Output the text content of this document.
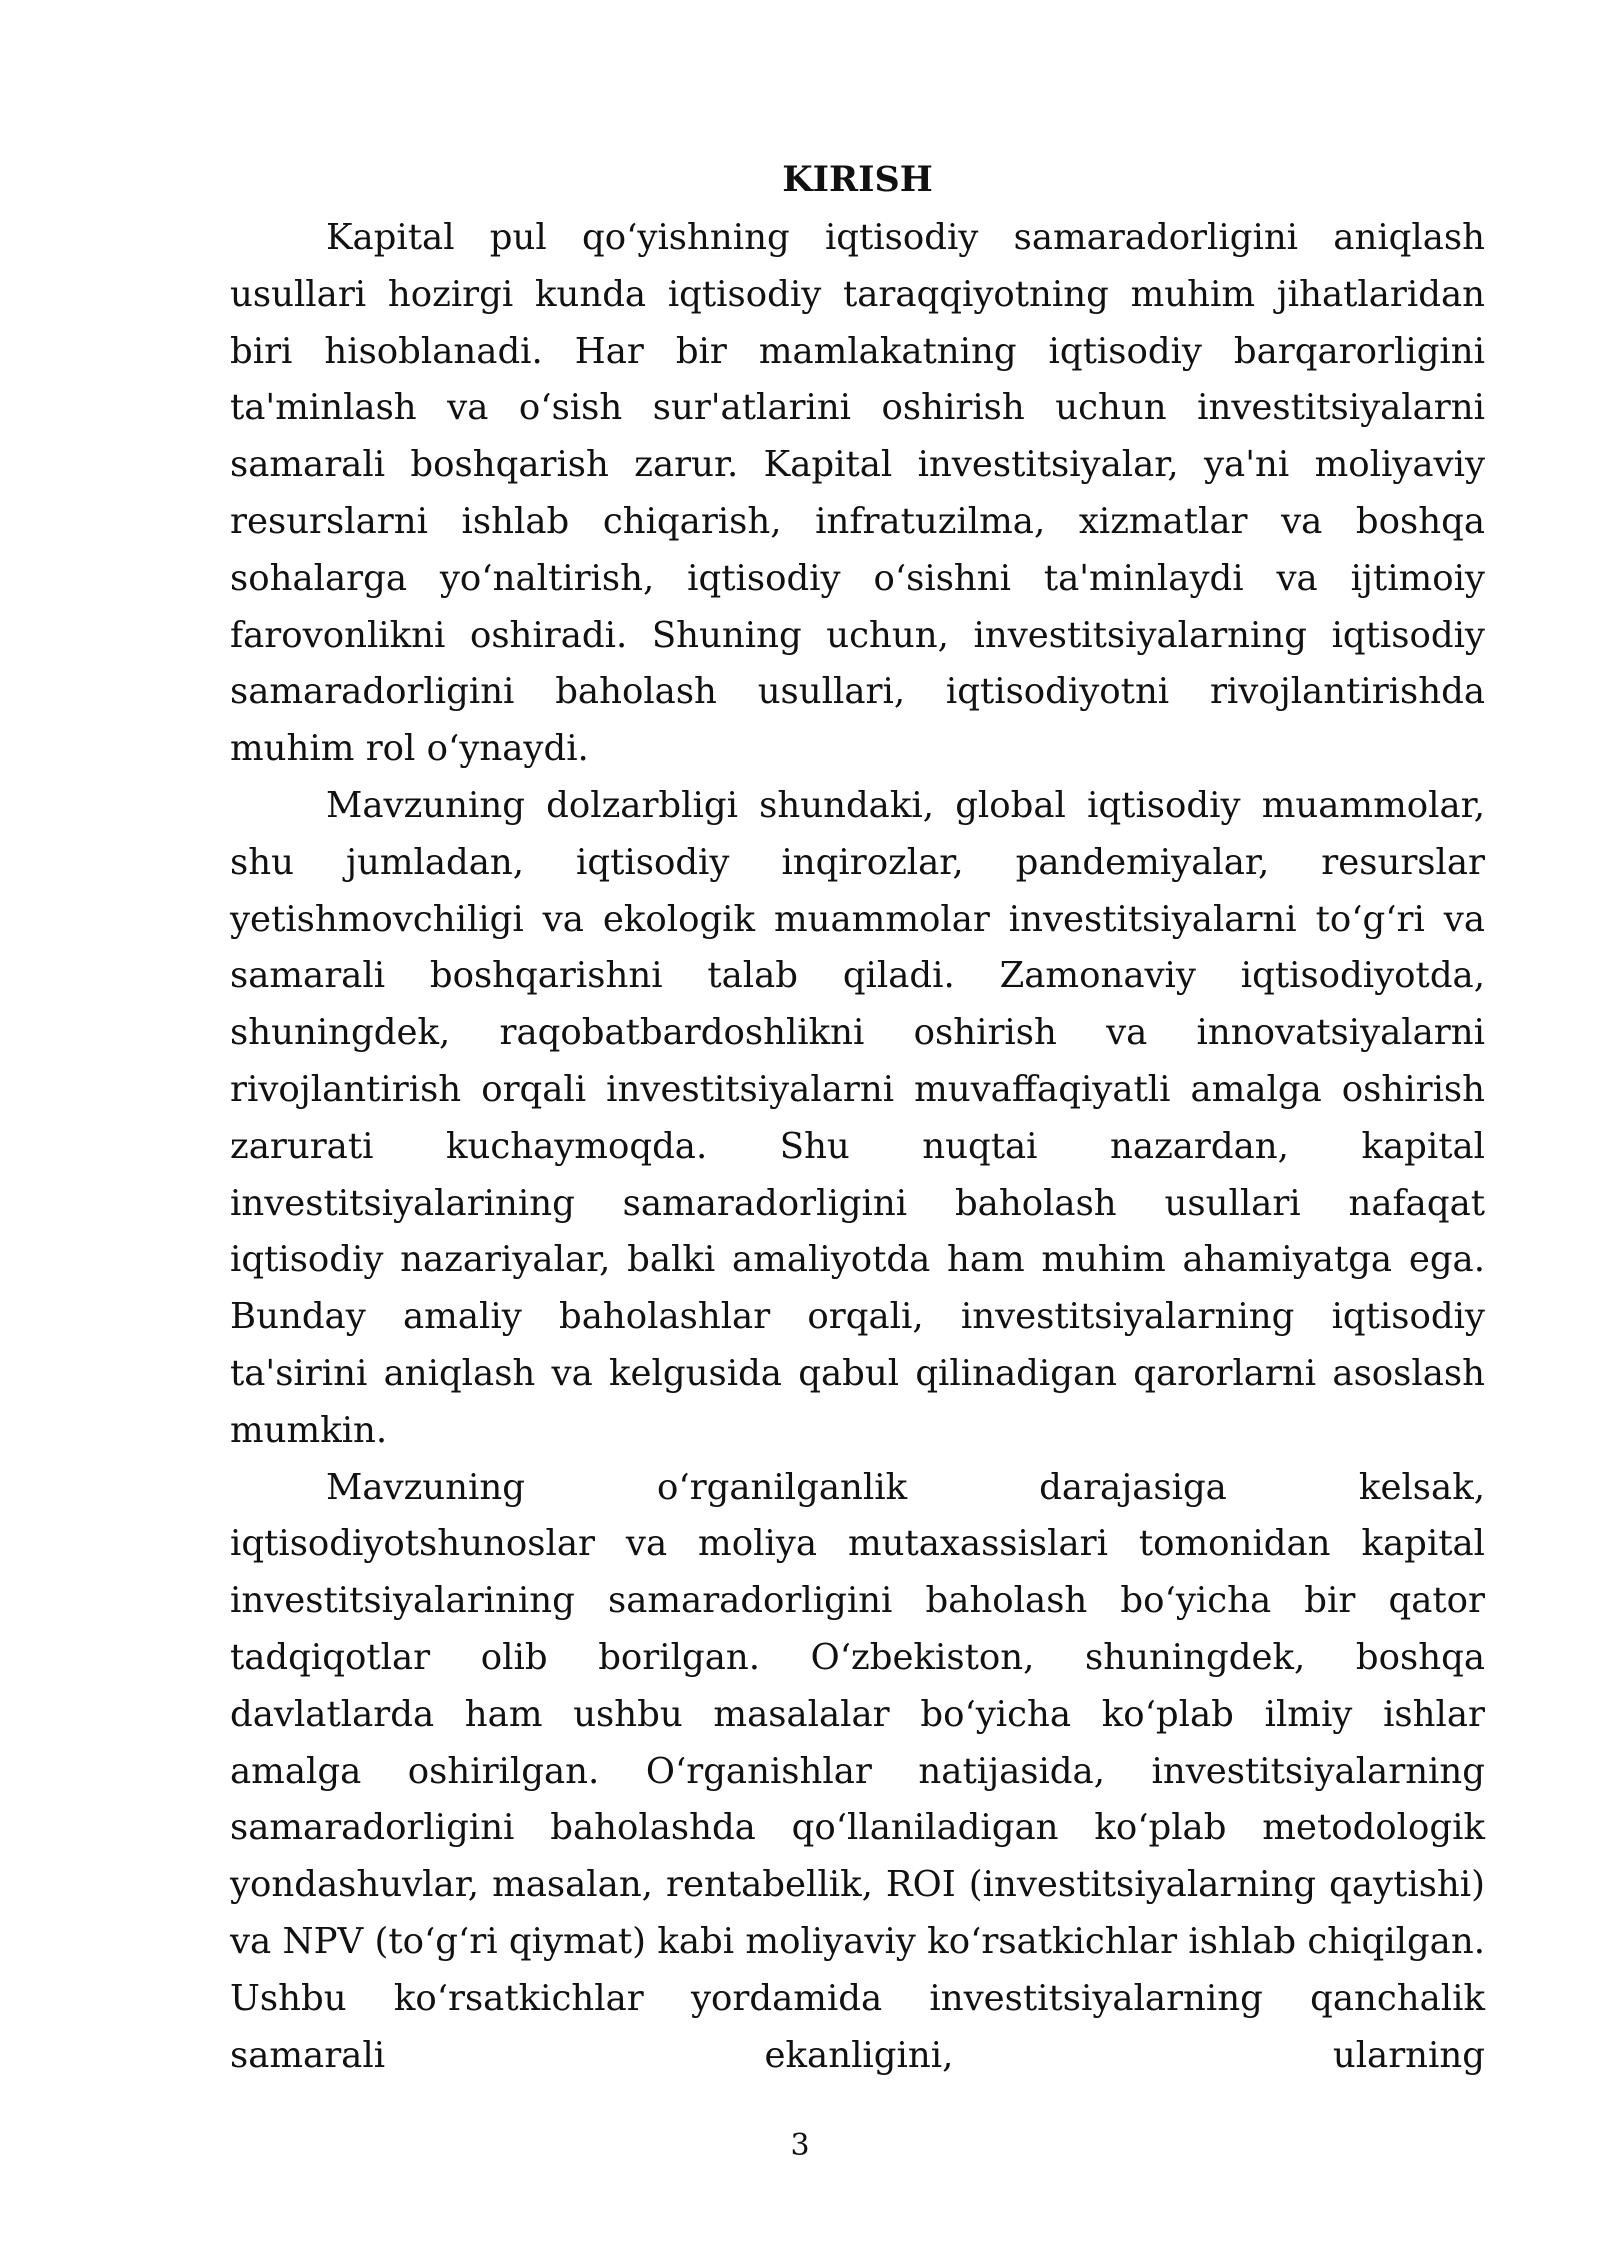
KIRISH

Kapital pul qoʻyishning iqtisodiy samaradorligini aniqlash usullari hozirgi kunda iqtisodiy taraqqiyotning muhim jihatlaridan biri hisoblanadi. Har bir mamlakatning iqtisodiy barqarorligini ta'minlash va oʻsish sur'atlarini oshirish uchun investitsiyalarni samarali boshqarish zarur. Kapital investitsiyalar, ya'ni moliyaviy resurslarni ishlab chiqarish, infratuzilma, xizmatlar va boshqa sohalarga yoʻnaltirish, iqtisodiy oʻsishni ta'minlaydi va ijtimoiy farovonlikni oshiradi. Shuning uchun, investitsiyalarning iqtisodiy samaradorligini baholash usullari, iqtisodiyotni rivojlantirishda muhim rol oʻynaydi.

Mavzuning dolzarbligi shundaki, global iqtisodiy muammolar, shu jumladan, iqtisodiy inqirozlar, pandemiyalar, resurslar yetishmovchiligi va ekologik muammolar investitsiyalarni toʻgʻri va samarali boshqarishni talab qiladi. Zamonaviy iqtisodiyotda, shuningdek, raqobatbardoshlikni oshirish va innovatsiyalarni rivojlantirish orqali investitsiyalarni muvaffaqiyatli amalga oshirish zarurati kuchaymoqda. Shu nuqtai nazardan, kapital investitsiyalarining samaradorligini baholash usullari nafaqat iqtisodiy nazariyalar, balki amaliyotda ham muhim ahamiyatga ega. Bunday amaliy baholashlar orqali, investitsiyalarning iqtisodiy ta'sirini aniqlash va kelgusida qabul qilinadigan qarorlarni asoslash mumkin.

Mavzuning oʻrganilganlik darajasiga kelsak, iqtisodiyotshunoslar va moliya mutaxassislari tomonidan kapital investitsiyalarining samaradorligini baholash boʻyicha bir qator tadqiqotlar olib borilgan. Oʻzbekiston, shuningdek, boshqa davlatlarda ham ushbu masalalar boʻyicha koʻplab ilmiy ishlar amalga oshirilgan. Oʻrganishlar natijasida, investitsiyalarning samaradorligini baholashda qoʻllaniladigan koʻplab metodologik yondashuvlar, masalan, rentabellik, ROI (investitsiyalarning qaytishi) va NPV (toʻgʻri qiymat) kabi moliyaviy koʻrsatkichlar ishlab chiqilgan. Ushbu koʻrsatkichlar yordamida investitsiyalarning qanchalik samarali ekanligini, ularning

3
